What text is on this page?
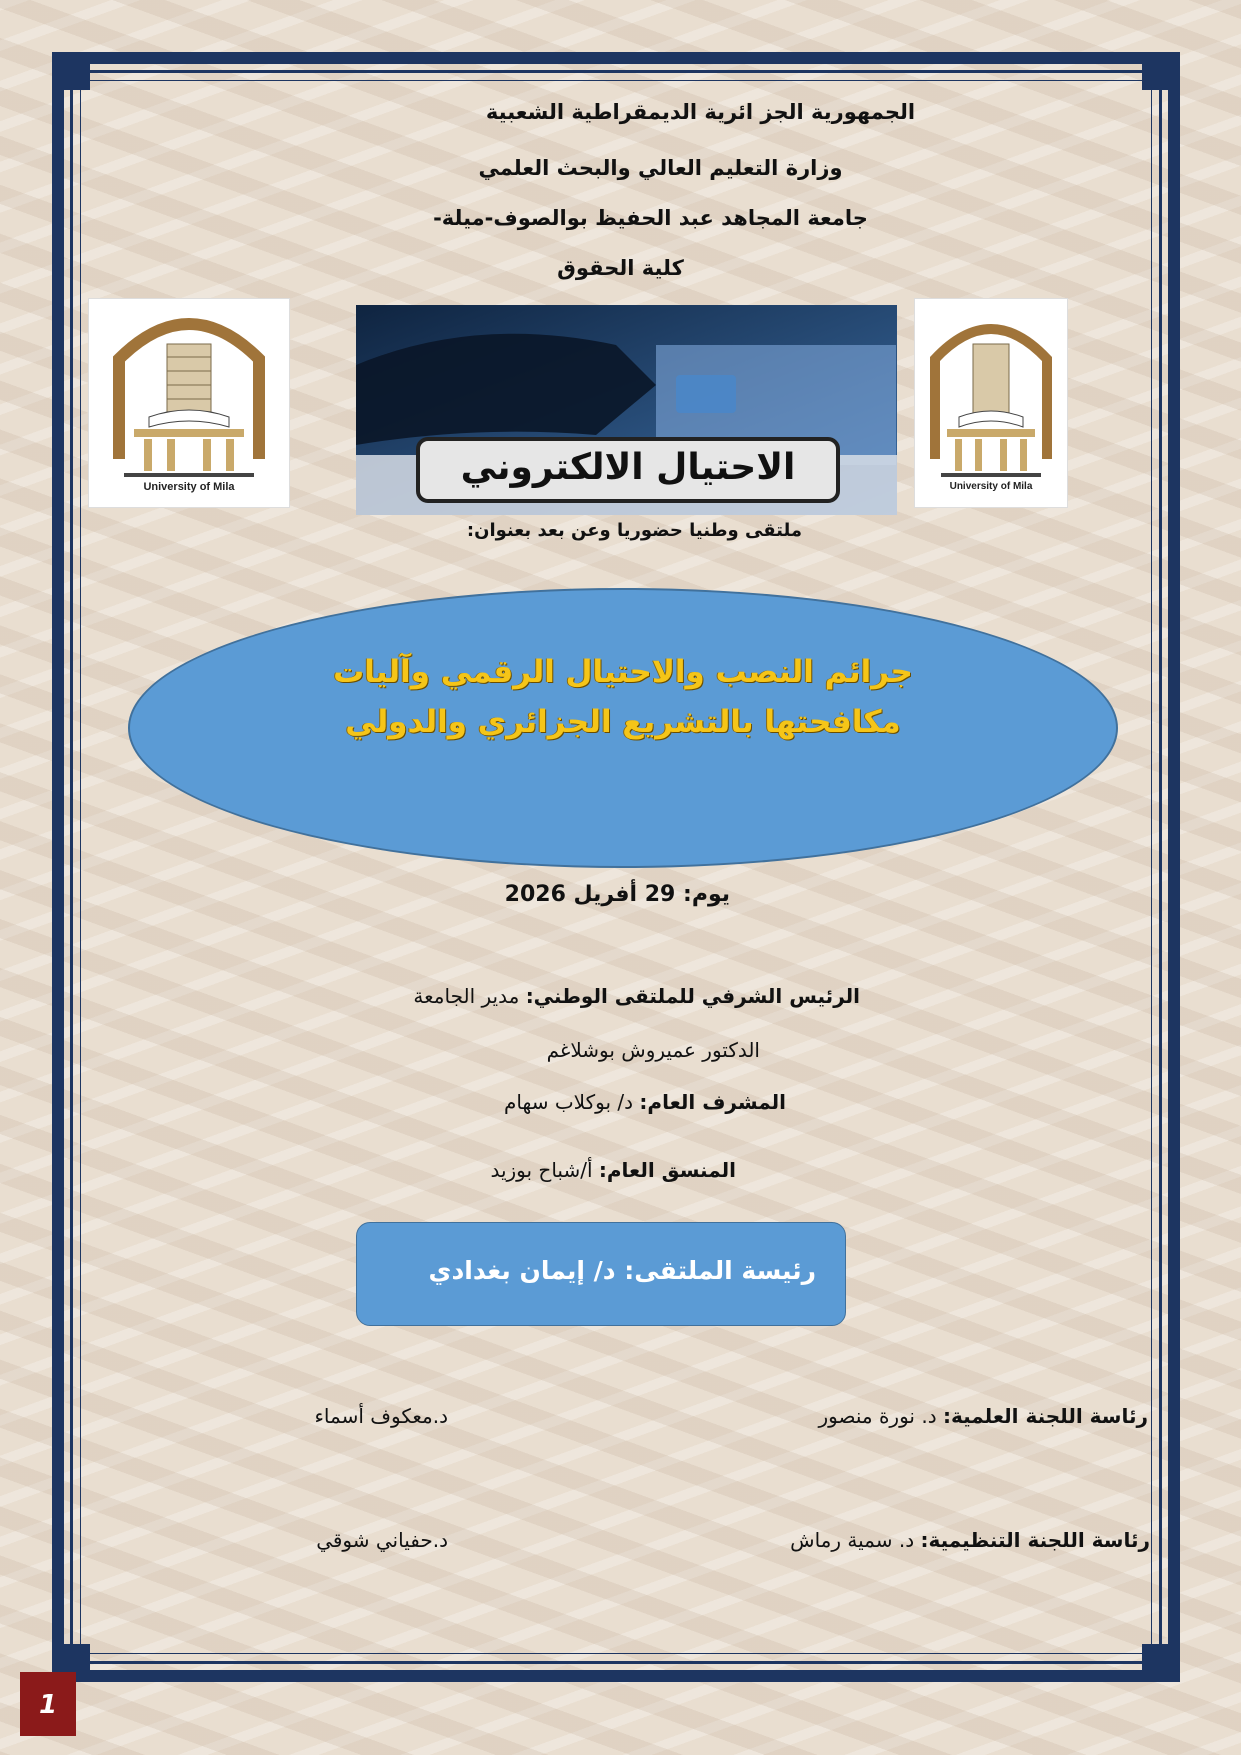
الجمهورية الجز ائرية الديمقراطية الشعبية
وزارة التعليم العالي والبحث العلمي
جامعة المجاهد عبد الحفيظ بوالصوف-ميلة-
كلية الحقوق
University of Mila	الاحتيال الالكتروني	University of Mila
ملتقى وطنيا حضوريا وعن بعد بعنوان:
جرائم النصب والاحتيال الرقمي وآليات
مكافحتها بالتشريع الجزائري والدولي
يوم: 29 أفريل 2026
الرئيس الشرفي للملتقى الوطني: مدير الجامعة
الدكتور عميروش بوشلاغم
المشرف العام: د/ بوكلاب سهام
المنسق العام: أ/شباح بوزيد
رئيسة الملتقى: د/ إيمان بغدادي
رئاسة اللجنة العلمية: د. نورة منصور
د.معكوف أسماء
رئاسة اللجنة التنظيمية: د. سمية رماش
د.حفياني شوقي
1
